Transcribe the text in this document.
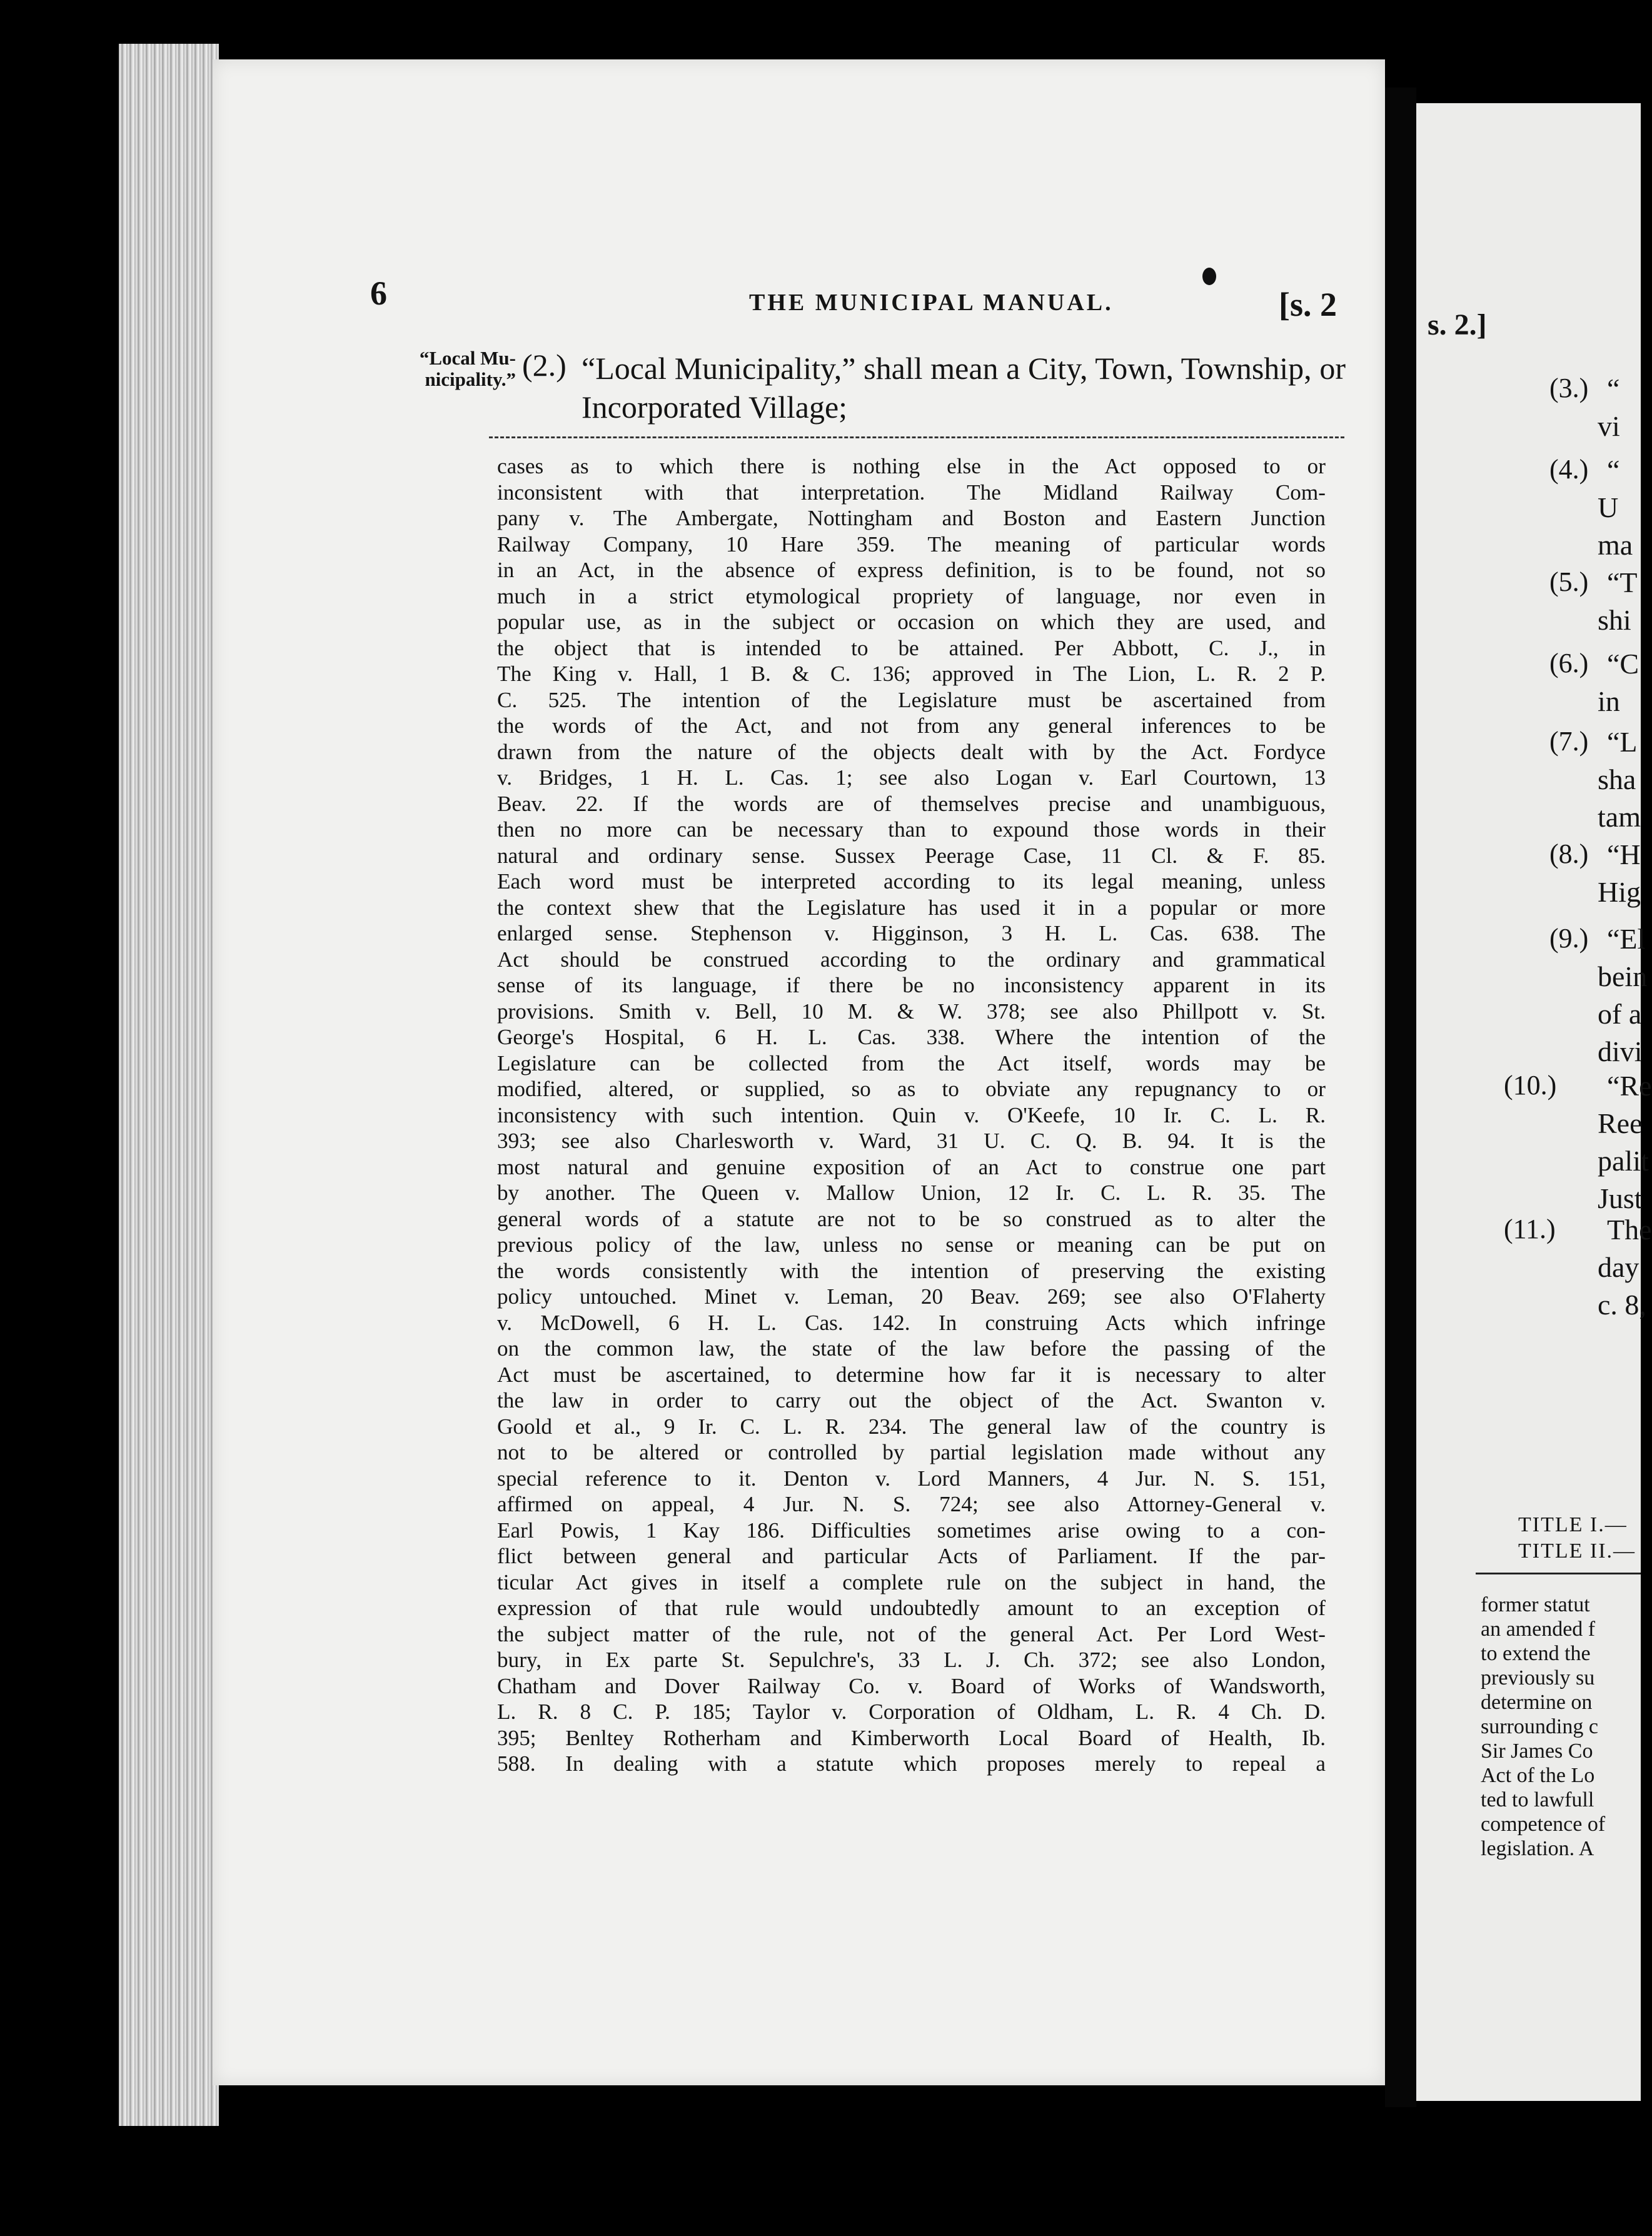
6	THE MUNICIPAL MANUAL.	[s. 2
“Local Mu-nicipality.” (2.) “Local Municipality,” shall mean a City, Town, Township, or Incorporated Village;
cases as to which there is nothing else in the Act opposed to or
inconsistent with that interpretation. The Midland Railway Com-
pany v. The Ambergate, Nottingham and Boston and Eastern Junction
Railway Company, 10 Hare 359. The meaning of particular words
in an Act, in the absence of express definition, is to be found, not so
much in a strict etymological propriety of language, nor even in
popular use, as in the subject or occasion on which they are used, and
the object that is intended to be attained. Per Abbott, C. J., in
The King v. Hall, 1 B. & C. 136; approved in The Lion, L. R. 2 P.
C. 525. The intention of the Legislature must be ascertained from
the words of the Act, and not from any general inferences to be
drawn from the nature of the objects dealt with by the Act. Fordyce
v. Bridges, 1 H. L. Cas. 1; see also Logan v. Earl Courtown, 13
Beav. 22. If the words are of themselves precise and unambiguous,
then no more can be necessary than to expound those words in their
natural and ordinary sense. Sussex Peerage Case, 11 Cl. & F. 85.
Each word must be interpreted according to its legal meaning, unless
the context shew that the Legislature has used it in a popular or more
enlarged sense. Stephenson v. Higginson, 3 H. L. Cas. 638. The
Act should be construed according to the ordinary and grammatical
sense of its language, if there be no inconsistency apparent in its
provisions. Smith v. Bell, 10 M. & W. 378; see also Phillpott v. St.
George's Hospital, 6 H. L. Cas. 338. Where the intention of the
Legislature can be collected from the Act itself, words may be
modified, altered, or supplied, so as to obviate any repugnancy to or
inconsistency with such intention. Quin v. O'Keefe, 10 Ir. C. L. R.
393; see also Charlesworth v. Ward, 31 U. C. Q. B. 94. It is the
most natural and genuine exposition of an Act to construe one part
by another. The Queen v. Mallow Union, 12 Ir. C. L. R. 35. The
general words of a statute are not to be so construed as to alter the
previous policy of the law, unless no sense or meaning can be put on
the words consistently with the intention of preserving the existing
policy untouched. Minet v. Leman, 20 Beav. 269; see also O'Flaherty
v. McDowell, 6 H. L. Cas. 142. In construing Acts which infringe
on the common law, the state of the law before the passing of the
Act must be ascertained, to determine how far it is necessary to alter
the law in order to carry out the object of the Act. Swanton v.
Goold et al., 9 Ir. C. L. R. 234. The general law of the country is
not to be altered or controlled by partial legislation made without any
special reference to it. Denton v. Lord Manners, 4 Jur. N. S. 151,
affirmed on appeal, 4 Jur. N. S. 724; see also Attorney-General v.
Earl Powis, 1 Kay 186. Difficulties sometimes arise owing to a con-
flict between general and particular Acts of Parliament. If the par-
ticular Act gives in itself a complete rule on the subject in hand, the
expression of that rule would undoubtedly amount to an exception of
the subject matter of the rule, not of the general Act. Per Lord West-
bury, in Ex parte St. Sepulchre's, 33 L. J. Ch. 372; see also London,
Chatham and Dover Railway Co. v. Board of Works of Wandsworth,
L. R. 8 C. P. 185; Taylor v. Corporation of Oldham, L. R. 4 Ch. D.
395; Benltey Rotherham and Kimberworth Local Board of Health, Ib.
588. In dealing with a statute which proposes merely to repeal a
s. 2.]
(3.) “
vi
(4.) “
U
ma
(5.) “T
shi
(6.) “C
in
(7.) “L
sha
tam
(8.) “H
Hig
(9.) “El
bein
of a
divi
(10.) “Re
Ree
palit
Just
(11.) The
day
c. 8,
TITLE I.—
TITLE II.—
former statut
an amended f
to extend the
previously su
determine on
surrounding c
Sir James Co
Act of the Lo
ted to lawfull
competence of
legislation. A
